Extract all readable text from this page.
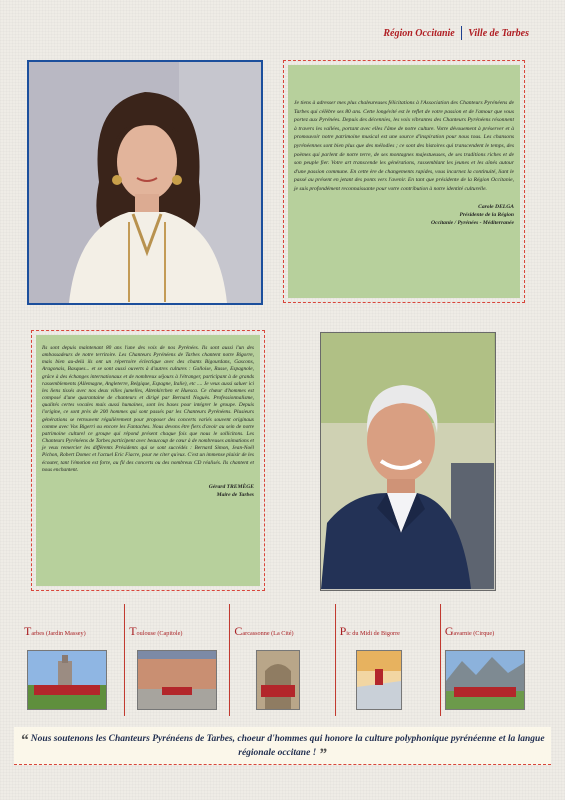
Région Occitanie Ville de Tarbes
Je tiens à adresser mes plus chaleureuses félicitations à l'Association des Chanteurs Pyrénéens de Tarbes qui célèbre ses 80 ans. Cette longévité est le reflet de votre passion et de l'amour que vous portez aux Pyrénées. Depuis des décennies, les voix vibrantes des Chanteurs Pyrénéens résonnent à travers les vallées, portant avec elles l'âme de notre culture. Votre dévouement à préserver et à promouvoir notre patrimoine musical est une source d'inspiration pour nous tous. Les chansons pyrénéennes sont bien plus que des mélodies ; ce sont des histoires qui transcendent le temps, des poèmes qui parlent de notre terre, de ses montagnes majestueuses, de ses traditions riches et de son peuple fier. Votre art transcende les générations, rassemblant les jeunes et les aînés autour d'une passion commune. En cette ère de changements rapides, vous incarnez la continuité, liant le passé au présent en jetant des ponts vers l'avenir. En tant que présidente de la Région Occitanie, je suis profondément reconnaissante pour votre contribution à notre identité culturelle.
Carole DELGA
Présidente de la Région
Occitanie / Pyrénées - Méditerranée
Ils sont depuis maintenant 80 ans l'une des voix de nos Pyrénées. Ils sont aussi l'un des ambassadeurs de notre territoire. Les Chanteurs Pyrénéens de Tarbes chantent notre Bigorre, mais bien au-delà ils ont un répertoire éclectique avec des chants Bigourdans, Gascons, Aragonais, Basques... et se sont aussi ouverts à d'autres cultures : Galloise, Russe, Espagnole, grâce à des échanges internationaux et de nombreux séjours à l'étranger, participant à de grands rassemblements (Allemagne, Angleterre, Belgique, Espagne, Italie), etc .... Je veux aussi saluer ici les liens tissés avec nos deux villes jumelles, Altenkirchen et Huesca. Ce chœur d'hommes est composé d'une quarantaine de chanteurs et dirigé par Bernard Noguès. Professionnalisme, qualités certes vocales mais aussi humaines, sont les bases pour intégrer le groupe. Depuis l'origine, ce sont près de 200 hommes qui sont passés par les Chanteurs Pyrénéens. Plusieurs générations se retrouvent régulièrement pour proposer des concerts variés souvent originaux comme avec Vox Bigerri ou encore les Fantaches. Nous devons être fiers d'avoir au sein de notre patrimoine culturel ce groupe qui répond présent chaque fois que nous le sollicitons. Les Chanteurs Pyrénéens de Tarbes participent avec beaucoup de cœur à de nombreuses animations et je veux remercier les différents Présidents qui se sont succédés : Bernard Simon, Jean-Noël Pichon, Robert Domec et l'actuel Eric Fiacre, pour ne citer qu'eux. C'est un immense plaisir de les écouter, tant l'émotion est forte, au fil des concerts ou des nombreux CD réalisés. Ils chantent et nous enchantent.
Gérard TREMÈGE
Maire de Tarbes
Tarbes (Jardin Massey)	Toulouse (Capitole)	Carcassonne (La Cité)	Pic du Midi de Bigorre	Gavarnie (Cirque)
“ Nous soutenons les Chanteurs Pyrénéens de Tarbes, choeur d'hommes qui honore la culture polyphonique pyrénéenne et la langue régionale occitane ! ”
